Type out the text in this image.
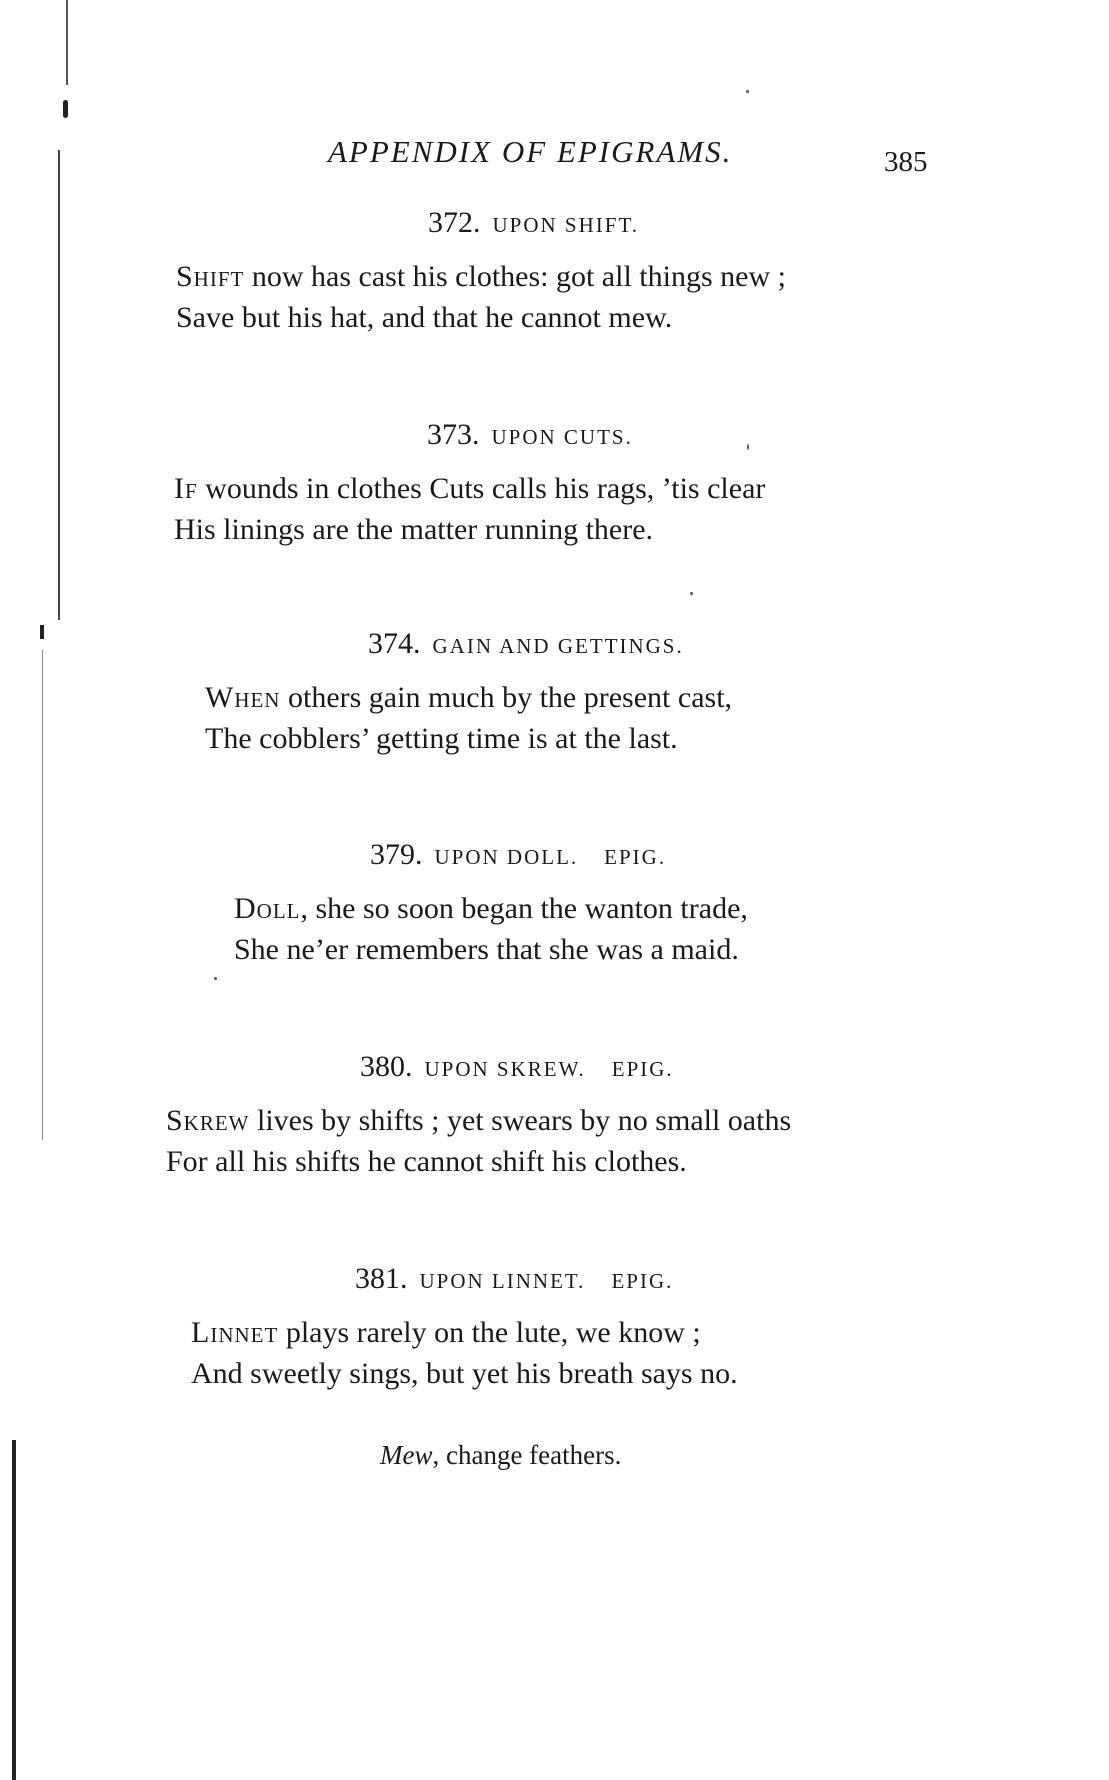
APPENDIX OF EPIGRAMS.	385
372. UPON SHIFT.
Shift now has cast his clothes: got all things new ;
Save but his hat, and that he cannot mew.
373. UPON CUTS.
If wounds in clothes Cuts calls his rags, ’tis clear
His linings are the matter running there.
374. GAIN AND GETTINGS.
When others gain much by the present cast,
The cobblers’ getting time is at the last.
379. UPON DOLL. EPIG.
Doll, she so soon began the wanton trade,
She ne’er remembers that she was a maid.
380. UPON SKREW. EPIG.
Skrew lives by shifts ; yet swears by no small oaths
For all his shifts he cannot shift his clothes.
381. UPON LINNET. EPIG.
Linnet plays rarely on the lute, we know ;
And sweetly sings, but yet his breath says no.
Mew, change feathers.
